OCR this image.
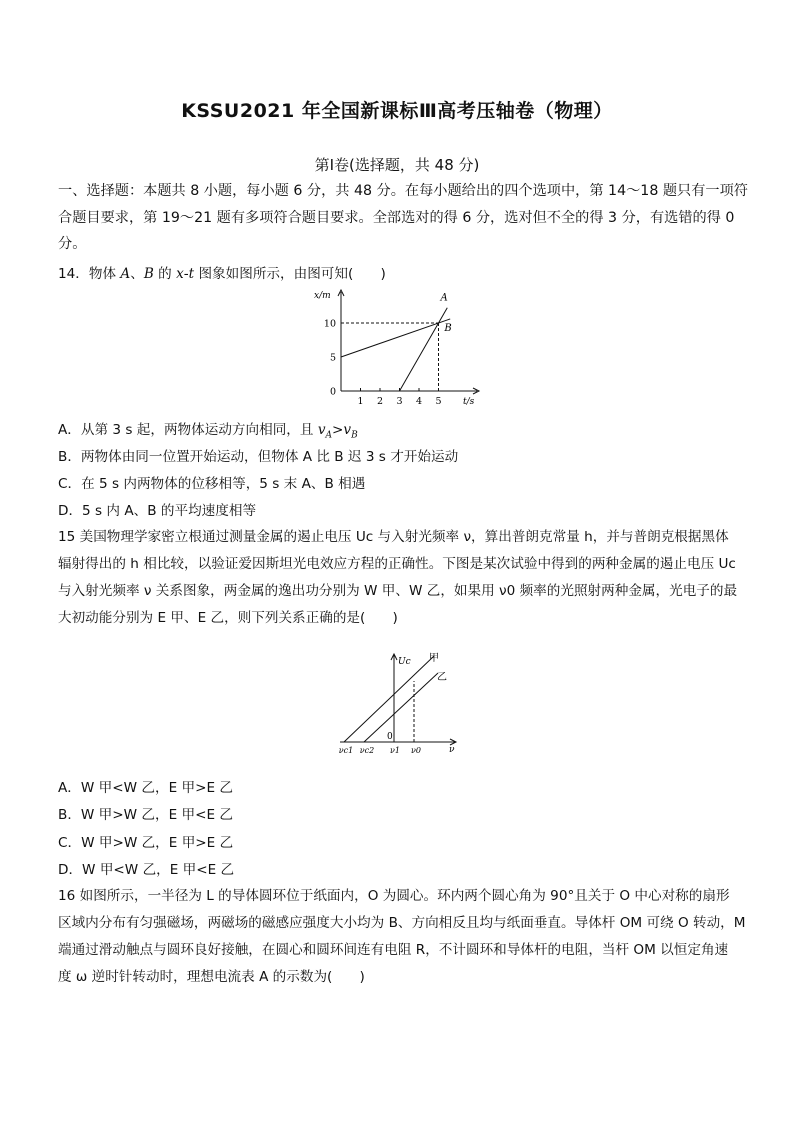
KSSU2021 年全国新课标Ⅲ高考压轴卷（物理）
第Ⅰ卷(选择题，共 48 分)
一、选择题：本题共 8 小题，每小题 6 分，共 48 分。在每小题给出的四个选项中，第 14～18 题只有一项符合题目要求，第 19～21 题有多项符合题目要求。全部选对的得 6 分，选对但不全的得 3 分，有选错的得 0 分。
14．物体 A、B 的 x-t 图象如图所示，由图可知(　　)
1 2 3 4 5
0
5
10
x/m
t/s
A
B
A．从第 3 s 起，两物体运动方向相同，且 $v_A>v_B$
B．两物体由同一位置开始运动，但物体 A 比 B 迟 3 s 才开始运动
C．在 5 s 内两物体的位移相等，5 s 末 A、B 相遇
D．5 s 内 A、B 的平均速度相等
15 美国物理学家密立根通过测量金属的遏止电压 Uc 与入射光频率 ν，算出普朗克常量 h，并与普朗克根据黑体
辐射得出的 h 相比较，以验证爱因斯坦光电效应方程的正确性。下图是某次试验中得到的两种金属的遏止电压 Uc
与入射光频率 ν 关系图象，两金属的逸出功分别为 W 甲、W 乙，如果用 ν0 频率的光照射两种金属，光电子的最
大初动能分别为 E 甲、E 乙，则下列关系正确的是(　　)
甲
乙
Uc
ν
0
νc1 νc2 ν1 ν0
A．W 甲<W 乙，E 甲>E 乙
B．W 甲>W 乙，E 甲<E 乙
C．W 甲>W 乙，E 甲>E 乙
D．W 甲<W 乙，E 甲<E 乙
16 如图所示，一半径为 L 的导体圆环位于纸面内，O 为圆心。环内两个圆心角为 90°且关于 O 中心对称的扇形
区域内分布有匀强磁场，两磁场的磁感应强度大小均为 B、方向相反且均与纸面垂直。导体杆 OM 可绕 O 转动，M
端通过滑动触点与圆环良好接触，在圆心和圆环间连有电阻 R，不计圆环和导体杆的电阻，当杆 OM 以恒定角速
度 ω 逆时针转动时，理想电流表 A 的示数为(　　)
